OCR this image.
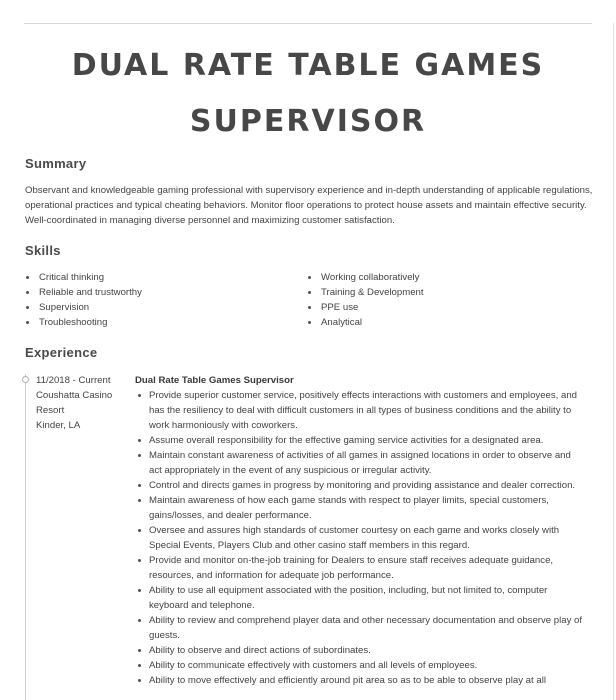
DUAL RATE TABLE GAMES
SUPERVISOR
Summary

Observant and knowledgeable gaming professional with supervisory experience and in-depth understanding of applicable regulations, operational practices and typical cheating behaviors. Monitor floor operations to protect house assets and maintain effective security. Well-coordinated in managing diverse personnel and maximizing customer satisfaction.

Skills
Critical thinking
Reliable and trustworthy
Supervision
Troubleshooting
Working collaboratively
Training & Development
PPE use
Analytical
Experience
11/2018 - Current
Coushatta Casino Resort
Kinder, LA
Dual Rate Table Games Supervisor
Provide superior customer service, positively effects interactions with customers and employees, and has the resiliency to deal with difficult customers in all types of business conditions and the ability to work harmoniously with coworkers.
Assume overall responsibility for the effective gaming service activities for a designated area.
Maintain constant awareness of activities of all games in assigned locations in order to observe and act appropriately in the event of any suspicious or irregular activity.
Control and directs games in progress by monitoring and providing assistance and dealer correction.
Maintain awareness of how each game stands with respect to player limits, special customers, gains/losses, and dealer performance.
Oversee and assures high standards of customer courtesy on each game and works closely with Special Events, Players Club and other casino staff members in this regard.
Provide and monitor on-the-job training for Dealers to ensure staff receives adequate guidance, resources, and information for adequate job performance.
Ability to use all equipment associated with the position, including, but not limited to, computer keyboard and telephone.
Ability to review and comprehend player data and other necessary documentation and observe play of guests.
Ability to observe and direct actions of subordinates.
Ability to communicate effectively with customers and all levels of employees.
Ability to move effectively and efficiently around pit area so as to be able to observe play at all
